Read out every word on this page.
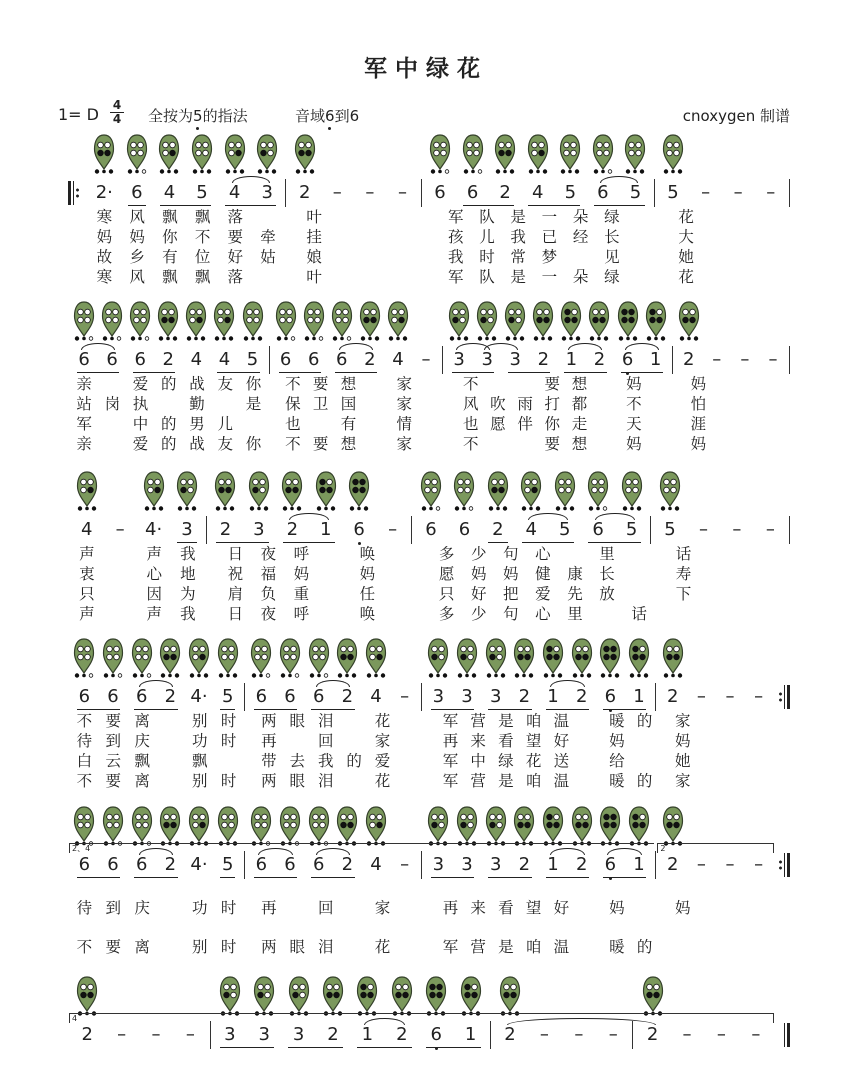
军中绿花
1= D 4
4 全按为5的指法	音域6到6	cnoxygen 制谱
2· 6 4 5 4 3 2 – – – 6 6 2 4 5 6 5 5 – – –
寒风飘飘落　 叶　　　 军队是一朵绿　 花　　　
妈妈你不要牵 挂　　　 孩儿我已经长　 大　　　
故乡有位好姑 娘　　　 我时常梦　见　 她　　　
寒风飘飘落　 叶　　　 军队是一朵绿　 花　　　
6 6 6 2 4 4 5 6 6 6 2 4 – 3 3 3 2 1 2 6 1 2 – – –
亲　爱的战友你 不要想　家　 不　　要想　妈　 妈　　　
站岗执　勤　是 保卫国　家　 风吹雨打都　不　 怕　　　
军　中的男儿　 也　有　情　 也愿伴你走　天　 涯　　　
亲　爱的战友你 不要想　家　 不　　要想　妈　 妈　　　
4 – 4· 3 2 3 2 1 6 – 6 6 2 4 5 6 5 5 – – –
声　声我 日夜呼　唤　 多少句心　里　 话　　　
衷　心地 祝福妈　妈　 愿妈妈健康长　 寿　　　
只　因为 肩负重　任　 只好把爱先放　 下　　　
声　声我 日夜呼　唤　 多少句心里　话

6 6 6 2 4· 5 6 6 6 2 4 – 3 3 3 2 1 2 6 1 2 – – –
不要离　别时 两眼泪　花　 军营是咱温　暖的 家　　　
待到庆　功时 再　回　家　 再来看望好　妈　 妈　　　
白云飘　飘　 带去我的爱　 军中绿花送　给　 她　　　
不要离　别时 两眼泪　花　 军营是咱温　暖的 家　　　
6 6 6 2 4· 5 6 6 6 2 4 – 3 3 3 2 1 2 6 1 2 – – –
2、4	2
待到庆　功时 再　回　家　 再来看望好　妈　 妈　　　
不要离　别时 两眼泪　花　 军营是咱温　暖的

2 – – – 3 3 3 2 1 2 6 1 2 – – – 2 – – –
4
